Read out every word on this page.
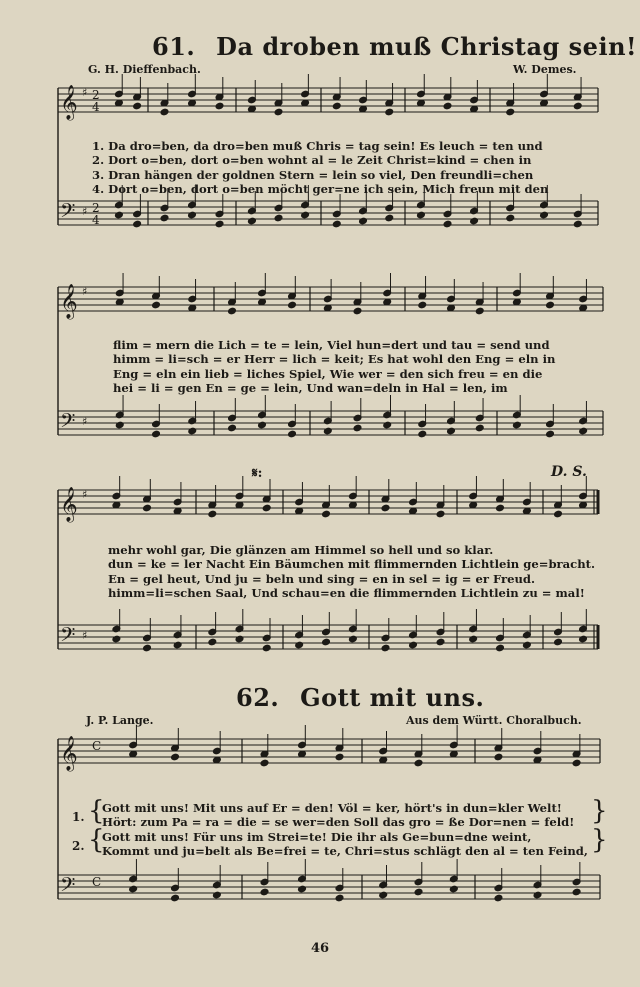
61. Da droben muß Christag sein!
G. H. Dieffenbach.	W. Demes.
1. Da dro=ben, da dro=ben muß Chris = tag sein! Es leuch = ten und
2. Dort o=ben, dort o=ben wohnt al = le Zeit Christ=kind = chen in
3. Dran hängen der goldnen Stern = lein so viel, Den freundli=chen
4. Dort o=ben, dort o=ben möcht ger=ne ich sein, Mich freun mit den
flim = mern die Lich = te = lein, Viel hun=dert und tau = send und
himm = li=sch = er Herr = lich = keit; Es hat wohl den Eng = eln in
Eng = eln ein lieb = liches Spiel, Wie wer = den sich freu = en die
hei = li = gen En = ge = lein, Und wan=deln in Hal = len, im
𝄋:	D. S.
mehr wohl gar, Die glänzen am Himmel so hell und so klar.
dun = ke = ler Nacht Ein Bäumchen mit flimmernden Lichtlein ge=bracht.
En = gel heut, Und ju = beln und sing = en in sel = ig = er Freud.
himm=li=schen Saal, Und schau=en die flimmernden Lichtlein zu = mal!
62. Gott mit uns.
J. P. Lange.	Aus dem Württ. Choralbuch.
1. {
Gott mit uns! Mit uns auf Er = den! Völ = ker, hört's in dun=kler Welt!
Hört: zum Pa = ra = die = se wer=den Soll das gro = ße Dor=nen = feld! }
2. {
Gott mit uns! Für uns im Strei=te! Die ihr als Ge=bun=dne weint,
Kommt und ju=belt als Be=frei = te, Chri=stus schlägt den al = ten Feind, }
46
𝄞
𝄢
♯
♯
2
4
2
4
𝄞
𝄢
♯
♯
𝄞
𝄢
♯
♯
𝄞
𝄢
C
C
